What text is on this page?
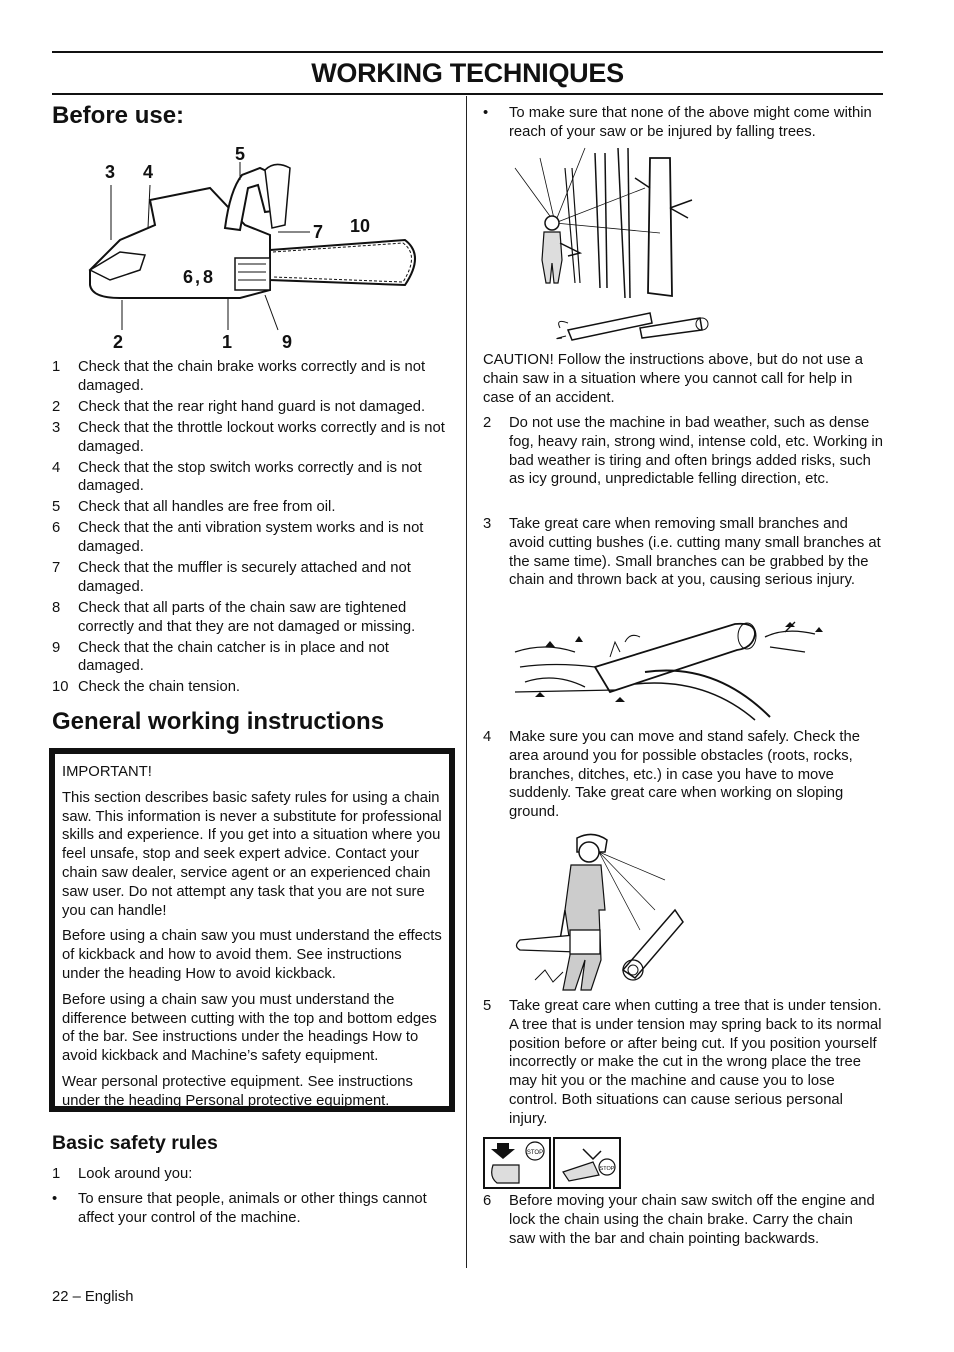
WORKING TECHNIQUES
Before use:
3 4
5
7 10
6 , 8
2	1	9
1 Check that the chain brake works correctly and is not damaged.
2 Check that the rear right hand guard is not damaged.
3 Check that the throttle lockout works correctly and is not damaged.
4 Check that the stop switch works correctly and is not damaged.
5 Check that all handles are free from oil.
6 Check that the anti vibration system works and is not damaged.
7 Check that the muffler is securely attached and not damaged.
8 Check that all parts of the chain saw are tightened correctly and that they are not damaged or missing.
9 Check that the chain catcher is in place and not damaged.
10 Check the chain tension.
General working instructions

IMPORTANT!

This section describes basic safety rules for using a chain saw. This information is never a substitute for professional skills and experience. If you get into a situation where you feel unsafe, stop and seek expert advice. Contact your chain saw dealer, service agent or an experienced chain saw user. Do not attempt any task that you are not sure you can handle!

Before using a chain saw you must understand the effects of kickback and how to avoid them. See instructions under the heading How to avoid kickback.

Before using a chain saw you must understand the difference between cutting with the top and bottom edges of the bar. See instructions under the headings How to avoid kickback and Machine’s safety equipment.

Wear personal protective equipment. See instructions under the heading Personal protective equipment.

Basic safety rules
1	Look around you:
•	To ensure that people, animals or other things cannot affect your control of the machine.
22 – English
•	To make sure that none of the above might come within reach of your saw or be injured by falling trees.

CAUTION! Follow the instructions above, but do not use a chain saw in a situation where you cannot call for help in case of an accident.

2	Do not use the machine in bad weather, such as dense fog, heavy rain, strong wind, intense cold, etc. Working in bad weather is tiring and often brings added risks, such as icy ground, unpredictable felling direction, etc.
3	Take great care when removing small branches and avoid cutting bushes (i.e. cutting many small branches at the same time). Small branches can be grabbed by the chain and thrown back at you, causing serious injury.
4	Make sure you can move and stand safely. Check the area around you for possible obstacles (roots, rocks, branches, ditches, etc.) in case you have to move suddenly. Take great care when working on sloping ground.
5	Take great care when cutting a tree that is under tension. A tree that is under tension may spring back to its normal position before or after being cut. If you position yourself incorrectly or make the cut in the wrong place the tree may hit you or the machine and cause you to lose control. Both situations can cause serious personal injury.
STOP
STOP
6	Before moving your chain saw switch off the engine and lock the chain using the chain brake. Carry the chain saw with the bar and chain pointing backwards.
